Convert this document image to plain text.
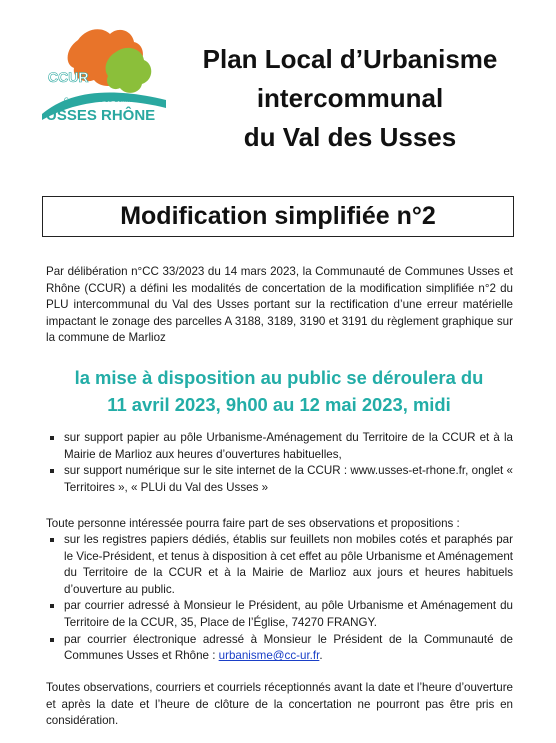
CCUR
Communauté de Communes
USSES RHÔNE
Plan Local d’Urbanisme
intercommunal
du Val des Usses
Modification simplifiée n°2
Par délibération n°CC 33/2023 du 14 mars 2023, la Communauté de Communes Usses et Rhône (CCUR) a défini les modalités de concertation de la modification simplifiée n°2 du PLU intercommunal du Val des Usses portant sur la rectification d’une erreur matérielle impactant le zonage des parcelles A 3188, 3189, 3190 et 3191 du règlement graphique sur la commune de Marlioz
la mise à disposition au public se déroulera du
11 avril 2023, 9h00 au 12 mai 2023, midi
sur support papier au pôle Urbanisme-Aménagement du Territoire de la CCUR et à la Mairie de Marlioz aux heures d’ouvertures habituelles,
sur support numérique sur le site internet de la CCUR : www.usses-et-rhone.fr, onglet « Territoires », « PLUi du Val des Usses »
Toute personne intéressée pourra faire part de ses observations et propositions :
sur les registres papiers dédiés, établis sur feuillets non mobiles cotés et paraphés par le Vice-Président, et tenus à disposition à cet effet au pôle Urbanisme et Aménagement du Territoire de la CCUR et à la Mairie de Marlioz aux jours et heures habituels d’ouverture au public.
par courrier adressé à Monsieur le Président, au pôle Urbanisme et Aménagement du Territoire de la CCUR, 35, Place de l’Église, 74270 FRANGY.
par courrier électronique adressé à Monsieur le Président de la Communauté de Communes Usses et Rhône : urbanisme@cc-ur.fr.
Toutes observations, courriers et courriels réceptionnés avant la date et l’heure d’ouverture et après la date et l’heure de clôture de la concertation ne pourront pas être pris en considération.
